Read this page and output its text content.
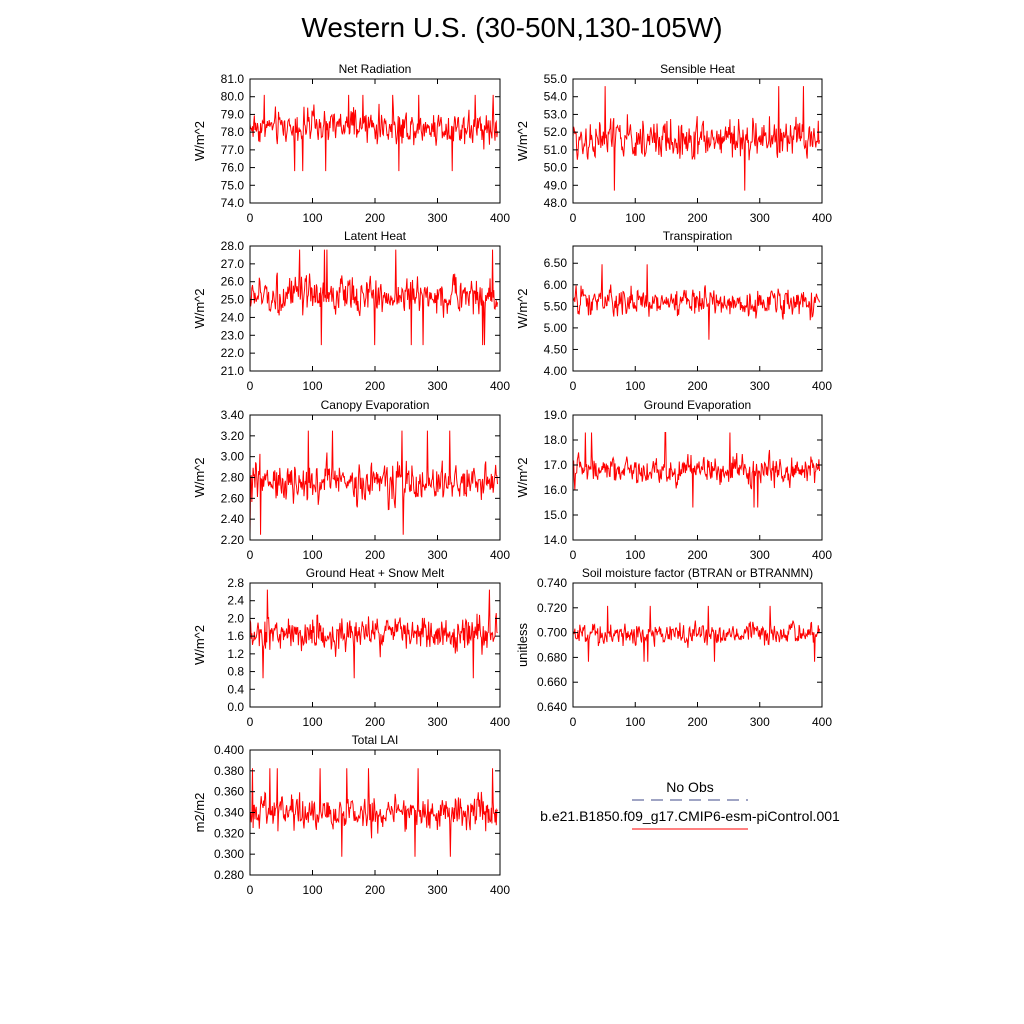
Western U.S. (30-50N,130-105W)
74.0
75.0
76.0
77.0
78.0
79.0
80.0
81.0
0	100	200	300	400
Net Radiation
W/m^2
48.0
49.0
50.0
51.0
52.0
53.0
54.0
55.0
0	100	200	300	400
Sensible Heat
W/m^2
21.0
22.0
23.0
24.0
25.0
26.0
27.0
28.0
0	100	200	300	400
Latent Heat
W/m^2
4.00
4.50
5.00
5.50
6.00
6.50
0	100	200	300	400
Transpiration
W/m^2
2.20
2.40
2.60
2.80
3.00
3.20
3.40
0	100	200	300	400
Canopy Evaporation
W/m^2
14.0
15.0
16.0
17.0
18.0
19.0
0	100	200	300	400
Ground Evaporation
W/m^2
0.0
0.4
0.8
1.2
1.6
2.0
2.4
2.8
0	100	200	300	400
Ground Heat + Snow Melt
W/m^2
0.640
0.660
0.680
0.700
0.720
0.740
0	100	200	300	400
Soil moisture factor (BTRAN or BTRANMN)
unitless
0.280
0.300
0.320
0.340
0.360
0.380
0.400
0	100	200	300	400
Total LAI
m2/m2
No Obs
b.e21.B1850.f09_g17.CMIP6-esm-piControl.001
